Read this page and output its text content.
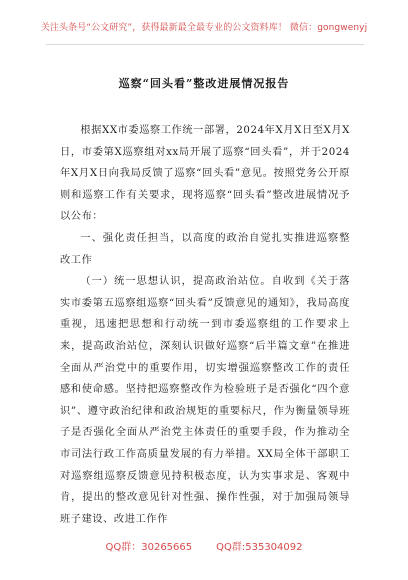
关注头条号“公文研究”，获得最新最全最专业的公文资料库！ 微信：gongwenyj
巡察“回头看”整改进展情况报告

根据XX市委巡察工作统一部署，2024年X月X日至X月X日，市委第X巡察组对xx局开展了巡察“回头看”，并于2024年X月X日向我局反馈了巡察“回头看”意见。按照党务公开原则和巡察工作有关要求，现将巡察“回头看”整改进展情况予以公布：

一、强化责任担当，以高度的政治自觉扎实推进巡察整改工作

（一）统一思想认识，提高政治站位。自收到《关于落实市委第五巡察组巡察“回头看”反馈意见的通知》，我局高度重视，迅速把思想和行动统一到市委巡察组的工作要求上来，提高政治站位，深刻认识做好巡察“后半篇文章”在推进全面从严治党中的重要作用，切实增强巡察整改工作的责任感和使命感。坚持把巡察整改作为检验班子是否强化“四个意识”、遵守政治纪律和政治规矩的重要标尺，作为衡量领导班子是否强化全面从严治党主体责任的重要手段，作为推动全市司法行政工作高质量发展的有力举措。XX局全体干部职工对巡察组巡察反馈意见持积极态度，认为实事求是、客观中肯，提出的整改意见针对性强、操作性强，对于加强局领导班子建设、改进工作作

QQ群：30265665 QQ群:535304092
